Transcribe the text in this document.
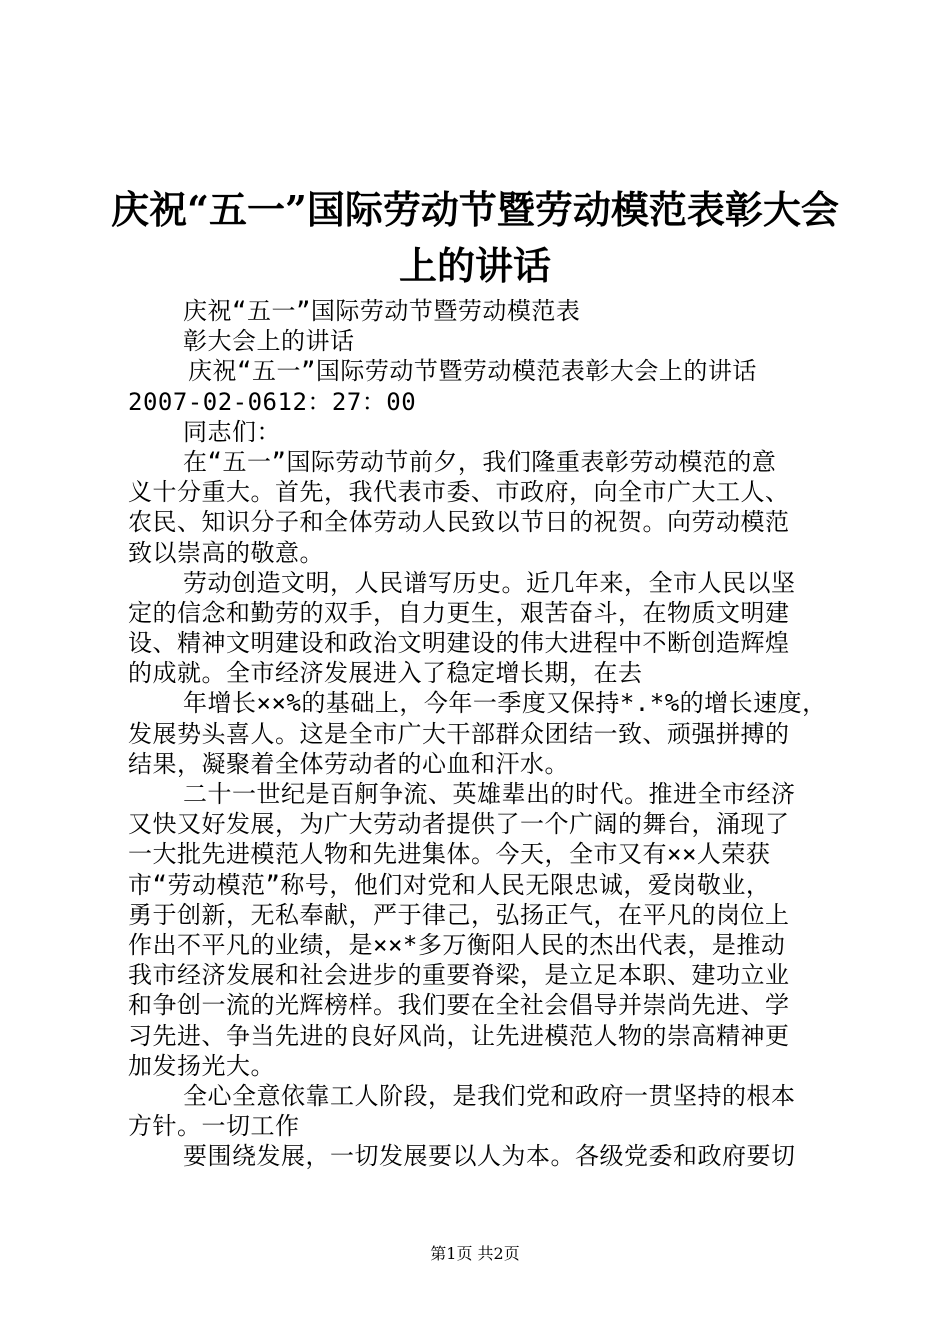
庆祝“五一”国际劳动节暨劳动模范表彰大会
上的讲话
庆祝“五一”国际劳动节暨劳动模范表
彰大会上的讲话
庆祝“五一”国际劳动节暨劳动模范表彰大会上的讲话
2007-02-0612：27：00
同志们：
在“五一”国际劳动节前夕，我们隆重表彰劳动模范的意
义十分重大。首先，我代表市委、市政府，向全市广大工人、
农民、知识分子和全体劳动人民致以节日的祝贺。向劳动模范
致以崇高的敬意。
劳动创造文明，人民谱写历史。近几年来，全市人民以坚
定的信念和勤劳的双手，自力更生，艰苦奋斗，在物质文明建
设、精神文明建设和政治文明建设的伟大进程中不断创造辉煌
的成就。全市经济发展进入了稳定增长期，在去
年增长××%的基础上，今年一季度又保持*.*%的增长速度，
发展势头喜人。这是全市广大干部群众团结一致、顽强拼搏的
结果，凝聚着全体劳动者的心血和汗水。
二十一世纪是百舸争流、英雄辈出的时代。推进全市经济
又快又好发展，为广大劳动者提供了一个广阔的舞台，涌现了
一大批先进模范人物和先进集体。今天，全市又有××人荣获
市“劳动模范”称号，他们对党和人民无限忠诚，爱岗敬业，
勇于创新，无私奉献，严于律己，弘扬正气，在平凡的岗位上
作出不平凡的业绩，是××*多万衡阳人民的杰出代表，是推动
我市经济发展和社会进步的重要脊梁，是立足本职、建功立业
和争创一流的光辉榜样。我们要在全社会倡导并崇尚先进、学
习先进、争当先进的良好风尚，让先进模范人物的崇高精神更
加发扬光大。
全心全意依靠工人阶段，是我们党和政府一贯坚持的根本
方针。一切工作
要围绕发展，一切发展要以人为本。各级党委和政府要切
第1页 共2页
